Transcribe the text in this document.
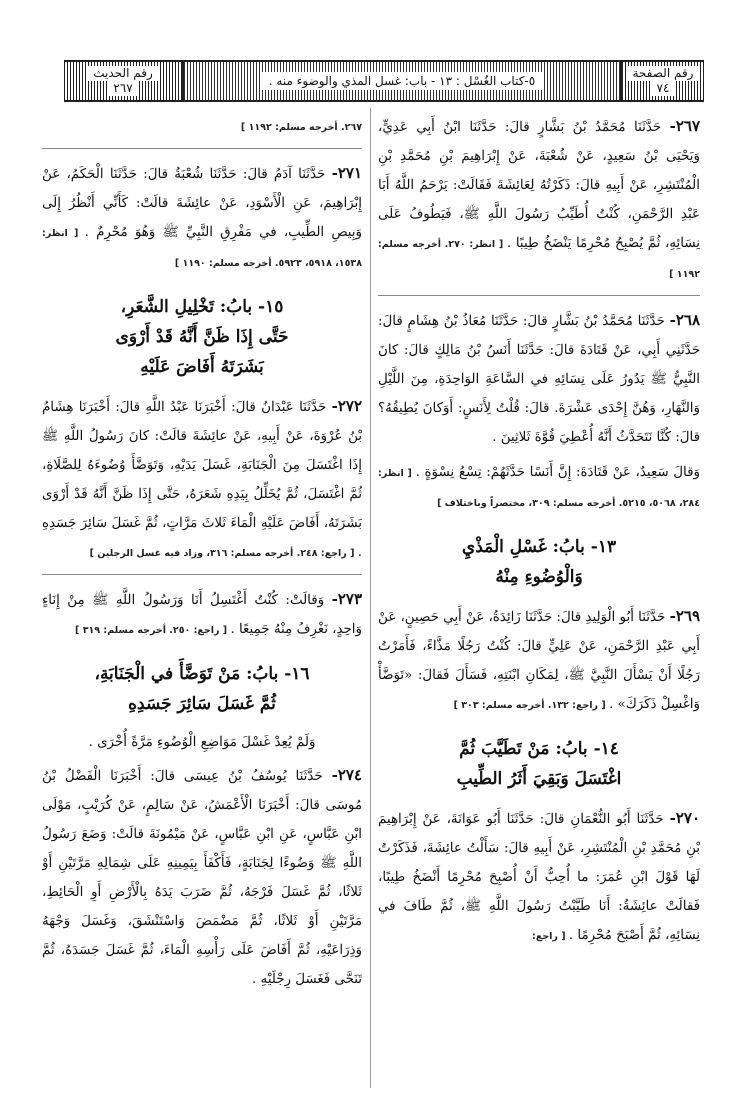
رقم الحديث
٢٦٧	٥-كتاب الغُسْل : ١٣ - باب: غسل المذي والوضوء منه .
رقم الصفحة
٧٤

٢٦٧- حَدَّثَنَا مُحَمَّدُ بْنُ بَشَّارٍ قالَ: حَدَّثَنَا ابْنُ أَبِي عَدِيٍّ، وَيَحْيَى بْنُ سَعِيدٍ، عَنْ شُعْبَةَ، عَنْ إِبْرَاهِيمَ بْنِ مُحَمَّدِ بْنِ الْمُنْتَشِرِ، عَنْ أَبِيهِ قالَ: ذَكَرْتُهُ لِعَائِشَةَ فَقَالَتْ: يَرْحَمُ اللَّهُ أَبَا عَبْدِ الرَّحْمَنِ، كُنْتُ أُطَيِّبُ رَسُولَ اللَّهِ ﷺ، فَيَطُوفُ عَلَى نِسَائِهِ، ثُمَّ يُصْبِحُ مُحْرِمًا يَنْضَخُ طِيبًا . [ انظر: ٢٧٠. أخرجه مسلم: ١١٩٢ ]

٢٦٨- حَدَّثَنَا مُحَمَّدُ بْنُ بَشَّارٍ قالَ: حَدَّثَنَا مُعَاذُ بْنُ هِشَامٍ قالَ: حَدَّثَنِي أَبِي، عَنْ قَتَادَةَ قالَ: حَدَّثَنَا أَنَسُ بْنُ مَالِكٍ قالَ: كانَ النَّبِيُّ ﷺ يَدُورُ عَلَى نِسَائِهِ في السَّاعَةِ الوَاحِدَةِ، مِنَ اللَّيْلِ وَالنَّهَارِ، وَهُنَّ إِحْدَى عَشْرَةَ. قالَ: قُلْتُ لِأَنَسٍ: أَوَكانَ يُطِيقُهُ؟ قالَ: كُنَّا نَتَحَدَّثُ أَنَّهُ أُعْطِيَ قُوَّةَ ثَلاثِينَ .

وَقالَ سَعِيدٌ، عَنْ قَتَادَةَ: إِنَّ أَنَسًا حَدَّثَهُمْ: تِسْعُ نِسْوَةٍ . [ انظر: ٢٨٤، ٥٠٦٨، ٥٢١٥. أخرجه مسلم: ٣٠٩، مختصراً وباختلاف ]

١٣- بابُ: غَسْلِ الْمَذْيِ
وَالْوُضُوءِ مِنْهُ

٢٦٩- حَدَّثَنَا أَبُو الْوَلِيدِ قالَ: حَدَّثَنَا زَائِدَةُ، عَنْ أَبِي حَصِينٍ، عَنْ أَبِي عَبْدِ الرَّحْمَنِ، عَنْ عَلِيٍّ قالَ: كُنْتُ رَجُلًا مَذَّاءً، فَأَمَرْتُ رَجُلًا أَنْ يَسْأَلَ النَّبِيَّ ﷺ، لِمَكَانِ ابْنَتِهِ، فَسَأَلَ فَقالَ: «تَوَضَّأْ وَاغْسِلْ ذَكَرَكَ» . [ راجع: ١٣٢. أخرجه مسلم: ٣٠٣ ]

١٤- بابُ: مَنْ تَطَيَّبَ ثُمَّ
اغْتَسَلَ وَبَقِيَ أَثَرُ الطِّيبِ

٢٧٠- حَدَّثَنَا أَبُو النُّعْمَانِ قالَ: حَدَّثَنَا أَبُو عَوَانَةَ، عَنْ إِبْرَاهِيمَ بْنِ مُحَمَّدِ بْنِ الْمُنْتَشِرِ، عَنْ أَبِيهِ قالَ: سَأَلْتُ عائِشَةَ، فَذَكَرْتُ لَهَا قَوْلَ ابْنِ عُمَرَ: ما أُحِبُّ أَنْ أُصْبِحَ مُحْرِمًا أَنْضَخُ طِيبًا، فَقالَتْ عائِشَةُ: أَنَا طَيَّبْتُ رَسُولَ اللَّهِ ﷺ، ثُمَّ طَافَ في نِسَائِهِ، ثُمَّ أَصْبَحَ مُحْرِمًا . [ راجع:

٢٦٧. أخرجه مسلم: ١١٩٢ ]

٢٧١- حَدَّثَنَا آدَمُ قالَ: حَدَّثَنَا شُعْبَةُ قالَ: حَدَّثَنَا الْحَكَمُ، عَنْ إِبْرَاهِيمَ، عَنِ الْأَسْوَدِ، عَنْ عائِشَةَ قالَتْ: كَأَنِّي أَنْظُرُ إِلَى وَبِيصِ الطِّيبِ، في مَفْرِقِ النَّبِيِّ ﷺ وَهُوَ مُحْرِمٌ . [ انظر: ١٥٣٨، ٥٩١٨، ٥٩٢٣. أخرجه مسلم: ١١٩٠ ]

١٥- بابُ: تَخْلِيلِ الشَّعَرِ،
حَتَّى إِذَا ظَنَّ أَنَّهُ قَدْ أَرْوَى
بَشَرَتَهُ أَفَاضَ عَلَيْهِ

٢٧٢- حَدَّثَنَا عَبْدَانُ قالَ: أَخْبَرَنَا عَبْدُ اللَّهِ قالَ: أَخْبَرَنَا هِشَامُ بْنُ عُرْوَةَ، عَنْ أَبِيهِ، عَنْ عائِشَةَ قالَتْ: كانَ رَسُولُ اللَّهِ ﷺ إِذَا اغْتَسَلَ مِنَ الْجَنَابَةِ، غَسَلَ يَدَيْهِ، وَتَوَضَّأَ وُضُوءَهُ لِلصَّلَاةِ، ثُمَّ اغْتَسَلَ، ثُمَّ يُخَلِّلُ بِيَدِهِ شَعَرَهُ، حَتَّى إِذَا ظَنَّ أَنَّهُ قَدْ أَرْوَى بَشَرَتَهُ، أَفَاضَ عَلَيْهِ الْمَاءَ ثَلاثَ مَرَّاتٍ، ثُمَّ غَسَلَ سَائِرَ جَسَدِهِ . [ راجع: ٢٤٨. أخرجه مسلم: ٣١٦، وزاد فيه غسل الرجلين ]

٢٧٣- وَقالَتْ: كُنْتُ أَغْتَسِلُ أَنَا وَرَسُولُ اللَّهِ ﷺ مِنْ إِنَاءٍ وَاحِدٍ، نَغْرِفُ مِنْهُ جَمِيعًا . [ راجع: ٢٥٠. أخرجه مسلم: ٣١٩ ]

١٦- بابُ: مَنْ تَوَضَّأَ في الْجَنَابَةِ،
ثُمَّ غَسَلَ سَائِرَ جَسَدِهِ
وَلَمْ يُعِدْ غَسْلَ مَوَاضِعِ الْوُضُوءِ مَرَّةً أُخْرَى .

٢٧٤- حَدَّثَنَا يُوسُفُ بْنُ عِيسَى قالَ: أَخْبَرَنَا الْفَضْلُ بْنُ مُوسَى قالَ: أَخْبَرَنَا الْأَعْمَشُ، عَنْ سَالِمٍ، عَنْ كُرَيْبٍ، مَوْلَى ابْنِ عَبَّاسٍ، عَنِ ابْنِ عَبَّاسٍ، عَنْ مَيْمُونَةَ قالَتْ: وَضَعَ رَسُولُ اللَّهِ ﷺ وَضُوءًا لِجَنَابَةٍ، فَأَكْفَأَ بِيَمِينِهِ عَلَى شِمَالِهِ مَرَّتَيْنِ أَوْ ثَلاثًا، ثُمَّ غَسَلَ فَرْجَهُ، ثُمَّ ضَرَبَ يَدَهُ بِالْأَرْضِ أَوِ الْحَائِطِ، مَرَّتَيْنِ أَوْ ثَلاثًا، ثُمَّ مَضْمَضَ وَاسْتَنْشَقَ، وَغَسَلَ وَجْهَهُ وَذِرَاعَيْهِ، ثُمَّ أَفَاضَ عَلَى رَأْسِهِ الْمَاءَ، ثُمَّ غَسَلَ جَسَدَهُ، ثُمَّ تَنَحَّى فَغَسَلَ رِجْلَيْهِ .
